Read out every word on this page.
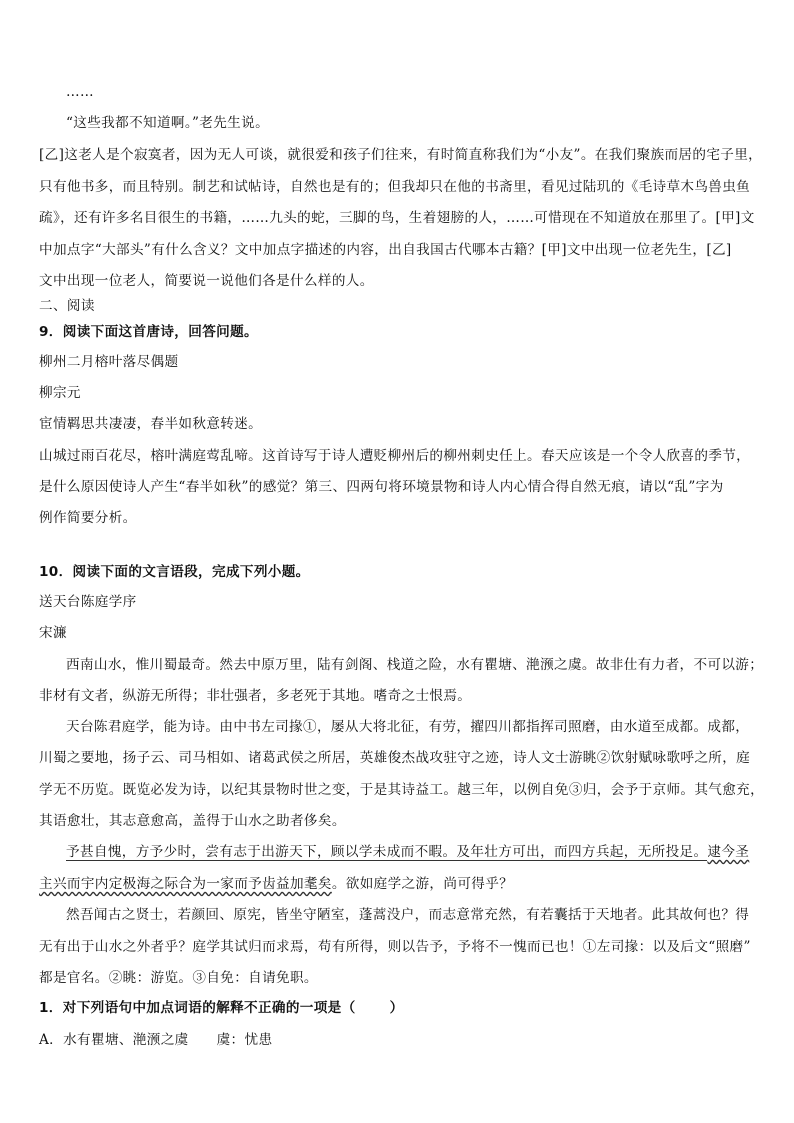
……
“这些我都不知道啊。”老先生说。
[乙]这老人是个寂寞者，因为无人可谈，就很爱和孩子们往来，有时简直称我们为“小友”。在我们聚族而居的宅子里，
只有他书多，而且特别。制艺和试帖诗，自然也是有的；但我却只在他的书斋里，看见过陆玑的《毛诗草木鸟兽虫鱼
疏》，还有许多名目很生的书籍，……九头的蛇，三脚的鸟，生着翅膀的人，……可惜现在不知道放在那里了。[甲]文
中加点字“大部头”有什么含义？文中加点字描述的内容，出自我国古代哪本古籍？[甲]文中出现一位老先生，[乙]
文中出现一位老人，简要说一说他们各是什么样的人。
二、阅读
9．阅读下面这首唐诗，回答问题。
柳州二月榕叶落尽偶题
柳宗元
宦情羁思共凄凄，春半如秋意转迷。
山城过雨百花尽，榕叶满庭莺乱啼。这首诗写于诗人遭贬柳州后的柳州刺史任上。春天应该是一个令人欣喜的季节，
是什么原因使诗人产生“春半如秋”的感觉？第三、四两句将环境景物和诗人内心情合得自然无痕，请以“乱”字为
例作简要分析。
10．阅读下面的文言语段，完成下列小题。
送天台陈庭学序
宋濂
西南山水，惟川蜀最奇。然去中原万里，陆有剑阁、栈道之险，水有瞿塘、滟滪之虞。故非仕有力者，不可以游；
非材有文者，纵游无所得；非壮强者，多老死于其地。嗜奇之士恨焉。
天台陈君庭学，能为诗。由中书左司掾①，屡从大将北征，有劳，擢四川都指挥司照磨，由水道至成都。成都，
川蜀之要地，扬子云、司马相如、诸葛武侯之所居，英雄俊杰战攻驻守之迹，诗人文士游眺②饮射赋咏歌呼之所，庭
学无不历览。既览必发为诗，以纪其景物时世之变，于是其诗益工。越三年，以例自免③归，会予于京师。其气愈充，
其语愈壮，其志意愈高，盖得于山水之助者侈矣。
予甚自愧，方予少时，尝有志于出游天下，顾以学未成而不暇。及年壮方可出，而四方兵起，无所投足。逮今圣
主兴而宇内定极海之际合为一家而予齿益加耄矣。欲如庭学之游，尚可得乎？
然吾闻古之贤士，若颜回、原宪，皆坐守陋室，蓬蒿没户，而志意常充然，有若囊括于天地者。此其故何也？得
无有出于山水之外者乎？庭学其试归而求焉，苟有所得，则以告予，予将不一愧而已也！①左司掾：以及后文“照磨”
都是官名。②眺：游览。③自免：自请免职。
1．对下列语句中加点词语的解释不正确的一项是（	）
A．水有瞿塘、滟滪之虞 虞：忧患
